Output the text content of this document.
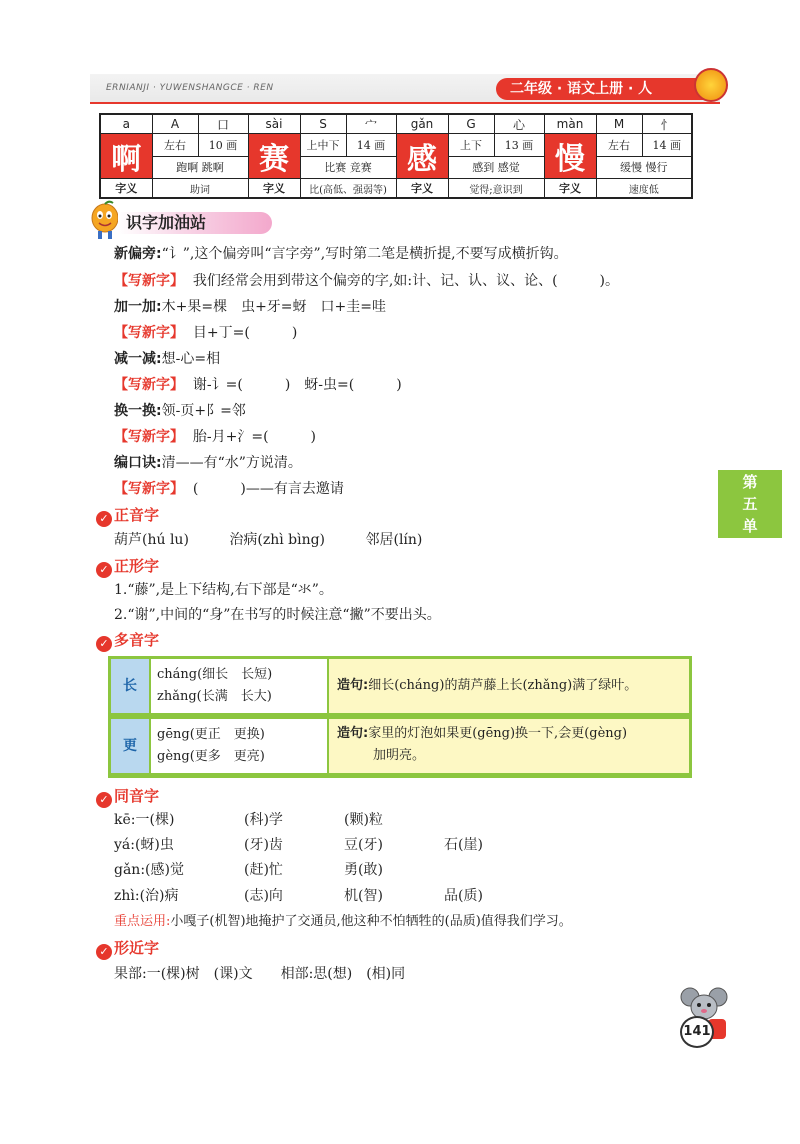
ERNIANJI · YUWENSHANGCE · REN	二年级 · 语文上册 · 人
a	A	口	sài	S	宀	gǎn	G	心	màn	M	忄
啊	左右	10 画	赛	上中下	14 画	感	上下	13 画	慢	左右	14 画
	跑啊 跳啊			比赛 竞赛			感到 感觉			缓慢 慢行	
字义	助词		字义	比(高低、强弱等)		字义	觉得;意识到		字义	速度低	
识字加油站
新偏旁:“讠”,这个偏旁叫“言字旁”,写时第二笔是横折提,不要写成横折钩。
【写新字】 我们经常会用到带这个偏旁的字,如:计、记、认、议、论、(　　　)。
加一加:木+果=棵　虫+牙=蚜　口+圭=哇
【写新字】 目+丁=(　　　)
减一减:想-心=相
【写新字】 谢-讠=(　　　)　蚜-虫=(　　　)
换一换:领-页+阝=邻
【写新字】 胎-月+氵=(　　　)
编口诀:清——有“水”方说清。
【写新字】 (　　　)——有言去邀请
✓ 正音字
葫芦(hú lu)	治病(zhì bìng)	邻居(lín)
✓ 正形字
1.“藤”,是上下结构,右下部是“氺”。
2.“谢”,中间的“身”在书写的时候注意“撇”不要出头。
✓ 多音字
长
cháng(细长　长短)
zhǎng(长满　长大)
造句:细长(cháng)的葫芦藤上长(zhǎng)满了绿叶。
更
gēng(更正　更换)
gèng(更多　更亮)
造句:家里的灯泡如果更(gēng)换一下,会更(gèng)
加明亮。
✓ 同音字
kē:一(棵)	(科)学	(颗)粒
yá:(蚜)虫	(牙)齿	豆(牙)	石(崖)
gǎn:(感)觉	(赶)忙	勇(敢)
zhì:(治)病	(志)向	机(智)	品(质)
重点运用:小嘎子(机智)地掩护了交通员,他这种不怕牺牲的(品质)值得我们学习。
✓ 形近字
果部:一(棵)树　(课)文　　相部:思(想)　(相)同
第
五
单
元
141
